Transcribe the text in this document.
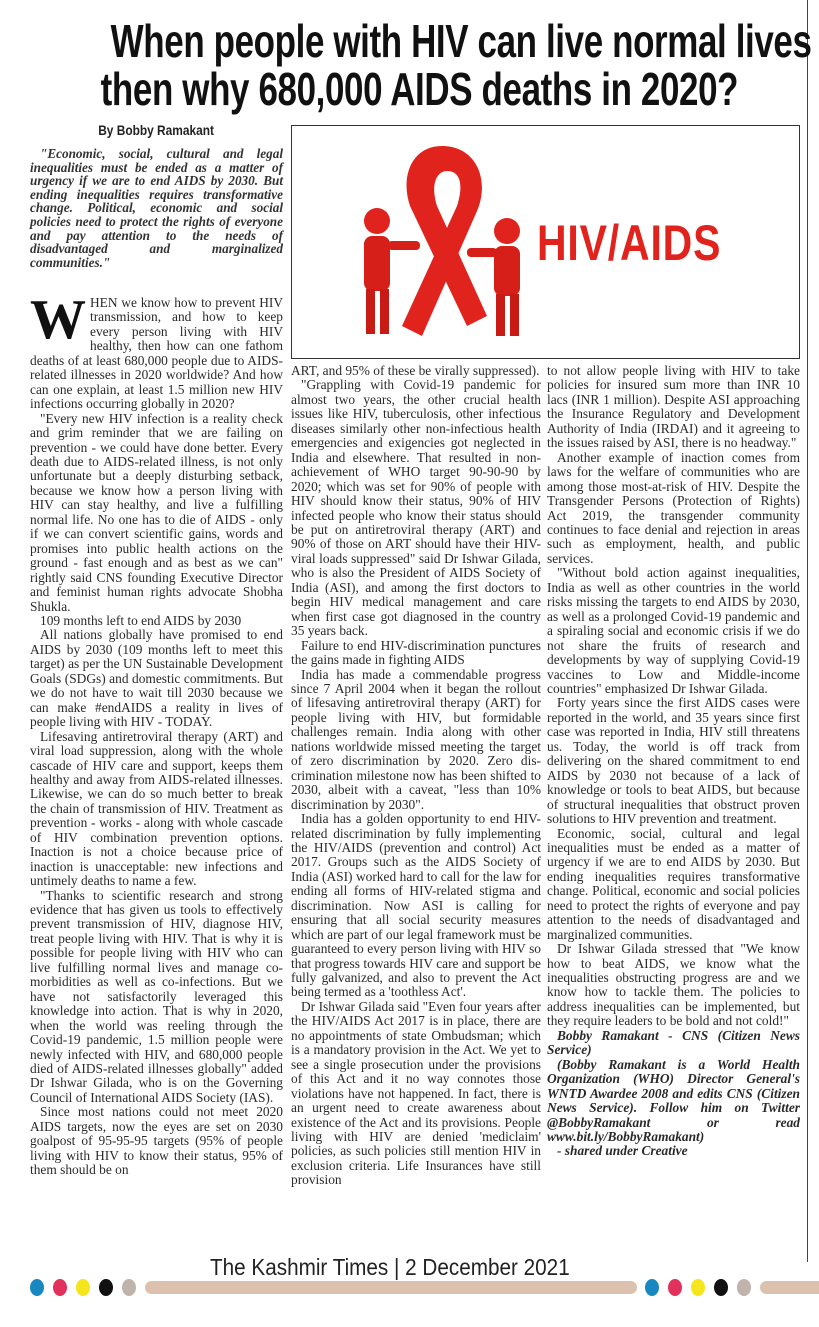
When people with HIV can live normal lives
then why 680,000 AIDS deaths in 2020?
By Bobby Ramakant

"Economic, social, cultural and legal inequalities must be ended as a matter of urgency if we are to end AIDS by 2030. But ending inequalities requires transformative change. Political, economic and social policies need to protect the rights of everyone and pay attention to the needs of disadvantaged and marginalized communities."	HIV/AIDS

WHEN we know how to prevent HIV transmission, and how to keep every person living with HIV healthy, then how can one fathom deaths of at least 680,000 people due to AIDS-related illnesses in 2020 worldwide? And how can one explain, at least 1.5 million new HIV infections occurring globally in 2020?

"Every new HIV infection is a reality check and grim reminder that we are failing on prevention - we could have done better. Every death due to AIDS-related illness, is not only unfortunate but a deeply disturbing setback, because we know how a person living with HIV can stay healthy, and live a fulfilling normal life. No one has to die of AIDS - only if we can convert scientific gains, words and promises into public health actions on the ground - fast enough and as best as we can" rightly said CNS founding Executive Director and feminist human rights advocate Shobha Shukla.

109 months left to end AIDS by 2030

All nations globally have promised to end AIDS by 2030 (109 months left to meet this target) as per the UN Sustainable Development Goals (SDGs) and domestic commitments. But we do not have to wait till 2030 because we can make #endAIDS a reality in lives of people living with HIV - TODAY.

Lifesaving antiretroviral therapy (ART) and viral load suppression, along with the whole cascade of HIV care and support, keeps them healthy and away from AIDS-related illnesses. Likewise, we can do so much better to break the chain of transmission of HIV. Treatment as prevention - works - along with whole cascade of HIV combination prevention options. Inaction is not a choice because price of inaction is unacceptable: new infections and untimely deaths to name a few.

"Thanks to scientific research and strong evidence that has given us tools to effectively prevent transmission of HIV, diagnose HIV, treat people living with HIV. That is why it is possible for people living with HIV who can live fulfilling normal lives and manage co-morbidities as well as co-infections. But we have not satisfactorily leveraged this knowledge into action. That is why in 2020, when the world was reeling through the Covid-19 pandemic, 1.5 million people were newly infected with HIV, and 680,000 people died of AIDS-related illnesses globally" added Dr Ishwar Gilada, who is on the Governing Council of International AIDS Society (IAS).

Since most nations could not meet 2020 AIDS targets, now the eyes are set on 2030 goalpost of 95-95-95 targets (95% of people living with HIV to know their status, 95% of them should be on

ART, and 95% of these be virally suppressed).

"Grappling with Covid-19 pandemic for almost two years, the other crucial health issues like HIV, tuberculosis, other infectious diseases similarly other non-infectious health emergencies and exigencies got neglected in India and elsewhere. That resulted in non-achievement of WHO target 90-90-90 by 2020; which was set for 90% of people with HIV should know their status, 90% of HIV infected people who know their status should be put on antiretroviral therapy (ART) and 90% of those on ART should have their HIV-viral loads suppressed" said Dr Ishwar Gilada, who is also the President of AIDS Society of India (ASI), and among the first doctors to begin HIV medical management and care when first case got diagnosed in the country 35 years back.

Failure to end HIV-discrimination punctures the gains made in fighting AIDS

India has made a commendable progress since 7 April 2004 when it began the rollout of lifesaving antiretroviral therapy (ART) for people living with HIV, but formidable challenges remain. India along with other nations worldwide missed meeting the target of zero discrimination by 2020. Zero discrimination milestone now has been shifted to 2030, albeit with a caveat, "less than 10% discrimination by 2030".

India has a golden opportunity to end HIV-related discrimination by fully implementing the HIV/AIDS (prevention and control) Act 2017. Groups such as the AIDS Society of India (ASI) worked hard to call for the law for ending all forms of HIV-related stigma and discrimination. Now ASI is calling for ensuring that all social security measures which are part of our legal framework must be guaranteed to every person living with HIV so that progress towards HIV care and support be fully galvanized, and also to prevent the Act being termed as a 'toothless Act'.

Dr Ishwar Gilada said "Even four years after the HIV/AIDS Act 2017 is in place, there are no appointments of state Ombudsman; which is a mandatory provision in the Act. We yet to see a single prosecution under the provisions of this Act and it no way connotes those violations have not happened. In fact, there is an urgent need to create awareness about existence of the Act and its provisions. People living with HIV are denied 'mediclaim' policies, as such policies still mention HIV in exclusion criteria. Life Insurances have still provision

to not allow people living with HIV to take policies for insured sum more than INR 10 lacs (INR 1 million). Despite ASI approaching the Insurance Regulatory and Development Authority of India (IRDAI) and it agreeing to the issues raised by ASI, there is no headway."

Another example of inaction comes from laws for the welfare of communities who are among those most-at-risk of HIV. Despite the Transgender Persons (Protection of Rights) Act 2019, the transgender community continues to face denial and rejection in areas such as employment, health, and public services.

"Without bold action against inequalities, India as well as other countries in the world risks missing the targets to end AIDS by 2030, as well as a prolonged Covid-19 pandemic and a spiraling social and economic crisis if we do not share the fruits of research and developments by way of supplying Covid-19 vaccines to Low and Middle-income countries" emphasized Dr Ishwar Gilada.

Forty years since the first AIDS cases were reported in the world, and 35 years since first case was reported in India, HIV still threatens us. Today, the world is off track from delivering on the shared commitment to end AIDS by 2030 not because of a lack of knowledge or tools to beat AIDS, but because of structural inequalities that obstruct proven solutions to HIV prevention and treatment.

Economic, social, cultural and legal inequalities must be ended as a matter of urgency if we are to end AIDS by 2030. But ending inequalities requires transformative change. Political, economic and social policies need to protect the rights of everyone and pay attention to the needs of disadvantaged and marginalized communities.

Dr Ishwar Gilada stressed that "We know how to beat AIDS, we know what the inequalities obstructing progress are and we know how to tackle them. The policies to address inequalities can be implemented, but they require leaders to be bold and not cold!"

Bobby Ramakant - CNS (Citizen News Service)

(Bobby Ramakant is a World Health Organization (WHO) Director General's WNTD Awardee 2008 and edits CNS (Citizen News Service). Follow him on Twitter @BobbyRamakant or read www.bit.ly/BobbyRamakant)

- shared under Creative

The Kashmir Times | 2 December 2021
